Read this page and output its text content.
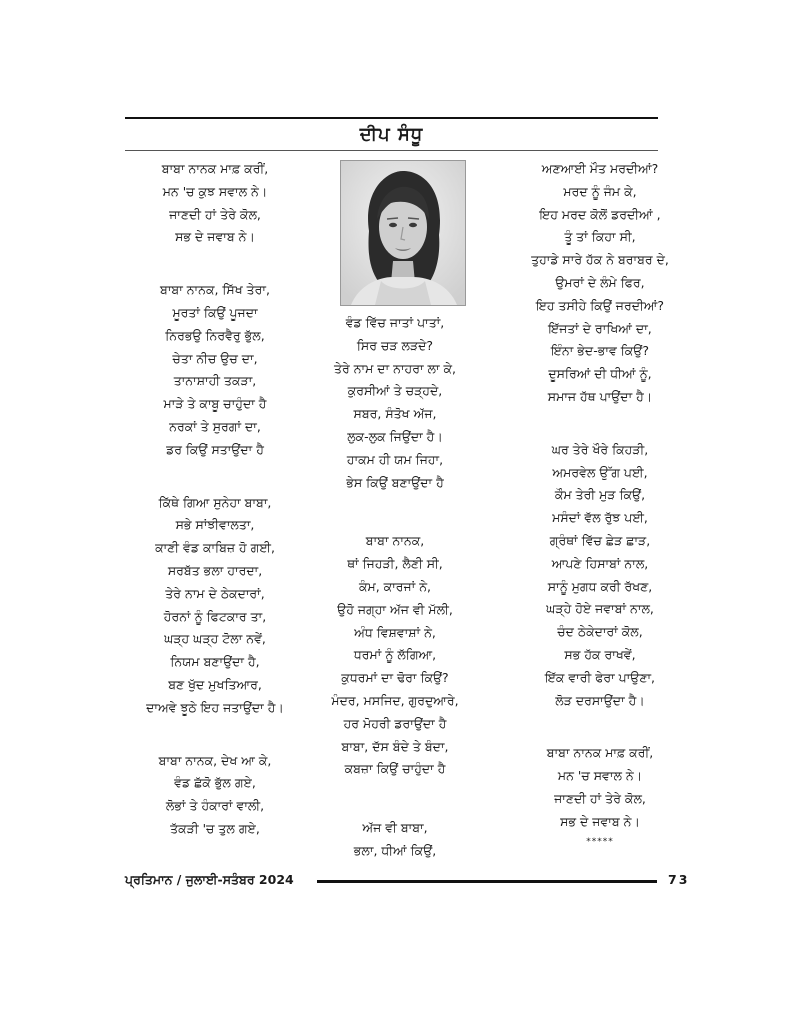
ਦੀਪ ਸੰਧੂ
ਬਾਬਾ ਨਾਨਕ ਮਾਫ਼ ਕਰੀਂ,
ਮਨ 'ਚ ਕੁਝ ਸਵਾਲ ਨੇ।
ਜਾਣਦੀ ਹਾਂ ਤੇਰੇ ਕੋਲ,
ਸਭ ਦੇ ਜਵਾਬ ਨੇ।
ਬਾਬਾ ਨਾਨਕ, ਸਿੱਖ ਤੇਰਾ,
ਮੂਰਤਾਂ ਕਿਉਂ ਪੂਜਦਾ
ਨਿਰਭਉ ਨਿਰਵੈਰੁ ਭੁੱਲ,
ਚੇਤਾ ਨੀਚ ਉਚ ਦਾ,
ਤਾਨਾਸ਼ਾਹੀ ਤਕੜਾ,
ਮਾੜੇ ਤੇ ਕਾਬੂ ਚਾਹੁੰਦਾ ਹੈ
ਨਰਕਾਂ ਤੇ ਸੁਰਗਾਂ ਦਾ,
ਡਰ ਕਿਉਂ ਸਤਾਉਂਦਾ ਹੈ
ਕਿੱਥੇ ਗਿਆ ਸੁਨੇਹਾ ਬਾਬਾ,
ਸਭੇ ਸਾਂਝੀਵਾਲਤਾ,
ਕਾਣੀ ਵੰਡ ਕਾਬਿਜ਼ ਹੋ ਗਈ,
ਸਰਬੱਤ ਭਲਾ ਹਾਰਦਾ,
ਤੇਰੇ ਨਾਮ ਦੇ ਠੇਕਦਾਰਾਂ,
ਹੋਰਨਾਂ ਨੂੰ ਫਿਟਕਾਰ ਤਾ,
ਘੜ੍ਹ ਘੜ੍ਹ ਟੋਲਾ ਨਵੇਂ,
ਨਿਯਮ ਬਣਾਉਂਦਾ ਹੈ,
ਬਣ ਖੁੱਦ ਮੁਖਤਿਆਰ,
ਦਾਅਵੇ ਝੂਠੇ ਇਹ ਜਤਾਉਂਦਾ ਹੈ।
ਬਾਬਾ ਨਾਨਕ, ਦੇਖ ਆ ਕੇ,
ਵੰਡ ਛੱਕੋ ਭੁੱਲ ਗਏ,
ਲੋਭਾਂ ਤੇ ਹੰਕਾਰਾਂ ਵਾਲੀ,
ਤੱਕੜੀ 'ਚ ਤੁਲ ਗਏ,
ਵੰਡ ਵਿੱਚ ਜਾਤਾਂ ਪਾਤਾਂ,
ਸਿਰ ਚੜ ਲੜਦੇ?
ਤੇਰੇ ਨਾਮ ਦਾ ਨਾਹਰਾ ਲਾ ਕੇ,
ਕੁਰਸੀਆਂ ਤੇ ਚੜ੍ਹਦੇ,
ਸਬਰ, ਸੰਤੋਖ ਅੱਜ,
ਲੁਕ-ਲੁਕ ਜਿਉਂਦਾ ਹੈ।
ਹਾਕਮ ਹੀ ਯਮ ਜਿਹਾ,
ਭੇਸ ਕਿਉਂ ਬਣਾਉਂਦਾ ਹੈ
ਬਾਬਾ ਨਾਨਕ,
ਥਾਂ ਜਿਹੜੀ, ਲੈਣੀ ਸੀ,
ਕੰਮ, ਕਾਰਜਾਂ ਨੇ,
ਉਹੋ ਜਗ੍ਹਾ ਅੱਜ ਵੀ ਮੱਲੀ,
ਅੰਧ ਵਿਸ਼ਵਾਸ਼ਾਂ ਨੇ,
ਧਰਮਾਂ ਨੂੰ ਲੱਗਿਆ,
ਕੁਧਰਮਾਂ ਦਾ ਢੋਰਾ ਕਿਉਂ?
ਮੰਦਰ, ਮਸਜਿਦ, ਗੁਰਦੁਆਰੇ,
ਹਰ ਮੋਹਰੀ ਡਰਾਉਂਦਾ ਹੈ
ਬਾਬਾ, ਦੱਸ ਬੰਦੇ ਤੇ ਬੰਦਾ,
ਕਬਜ਼ਾ ਕਿਉਂ ਚਾਹੁੰਦਾ ਹੈ
ਅੱਜ ਵੀ ਬਾਬਾ,
ਭਲਾ, ਧੀਆਂ ਕਿਉਂ,
ਅਣਆਈ ਮੌਤ ਮਰਦੀਆਂ?
ਮਰਦ ਨੂੰ ਜੰਮ ਕੇ,
ਇਹ ਮਰਦ ਕੋਲੋਂ ਡਰਦੀਆਂ ,
ਤੂੰ ਤਾਂ ਕਿਹਾ ਸੀ,
ਤੁਹਾਡੇ ਸਾਰੇ ਹੱਕ ਨੇ ਬਰਾਬਰ ਦੇ,
ਉਮਰਾਂ ਦੇ ਲੰਮੇ ਫਿਰ,
ਇਹ ਤਸੀਹੇ ਕਿਉਂ ਜਰਦੀਆਂ?
ਇੱਜਤਾਂ ਦੇ ਰਾਖਿਆਂ ਦਾ,
ਇੰਨਾ ਭੇਦ-ਭਾਵ ਕਿਉਂ?
ਦੂਸਰਿਆਂ ਦੀ ਧੀਆਂ ਨੂੰ,
ਸਮਾਜ ਹੱਥ ਪਾਉਂਦਾ ਹੈ।
ਘਰ ਤੇਰੇ ਖੌਰੇ ਕਿਹੜੀ,
ਅਮਰਵੇਲ ਉੱਗ ਪਈ,
ਕੌਮ ਤੇਰੀ ਮੁੜ ਕਿਉਂ,
ਮਸੰਦਾਂ ਵੱਲ ਰੁੱਝ ਪਈ,
ਗ੍ਰੰਥਾਂ ਵਿੱਚ ਛੇੜ ਛਾੜ,
ਆਪਣੇ ਹਿਸਾਬਾਂ ਨਾਲ,
ਸਾਨੂੰ ਮੁਗਧ ਕਰੀ ਰੱਖਣ,
ਘੜ੍ਹੇ ਹੋਏ ਜਵਾਬਾਂ ਨਾਲ,
ਚੰਦ ਠੇਕੇਦਾਰਾਂ ਕੋਲ,
ਸਭ ਹੱਕ ਰਾਖਵੇਂ,
ਇੱਕ ਵਾਰੀ ਫੇਰਾ ਪਾਉਣਾ,
ਲੋੜ ਦਰਸਾਉਂਦਾ ਹੈ।
ਬਾਬਾ ਨਾਨਕ ਮਾਫ਼ ਕਰੀਂ,
ਮਨ 'ਚ ਸਵਾਲ ਨੇ।
ਜਾਣਦੀ ਹਾਂ ਤੇਰੇ ਕੋਲ,
ਸਭ ਦੇ ਜਵਾਬ ਨੇ।
*****
ਪ੍ਰਤਿਮਾਨ / ਜੁਲਾਈ-ਸਤੰਬਰ 2024	73
